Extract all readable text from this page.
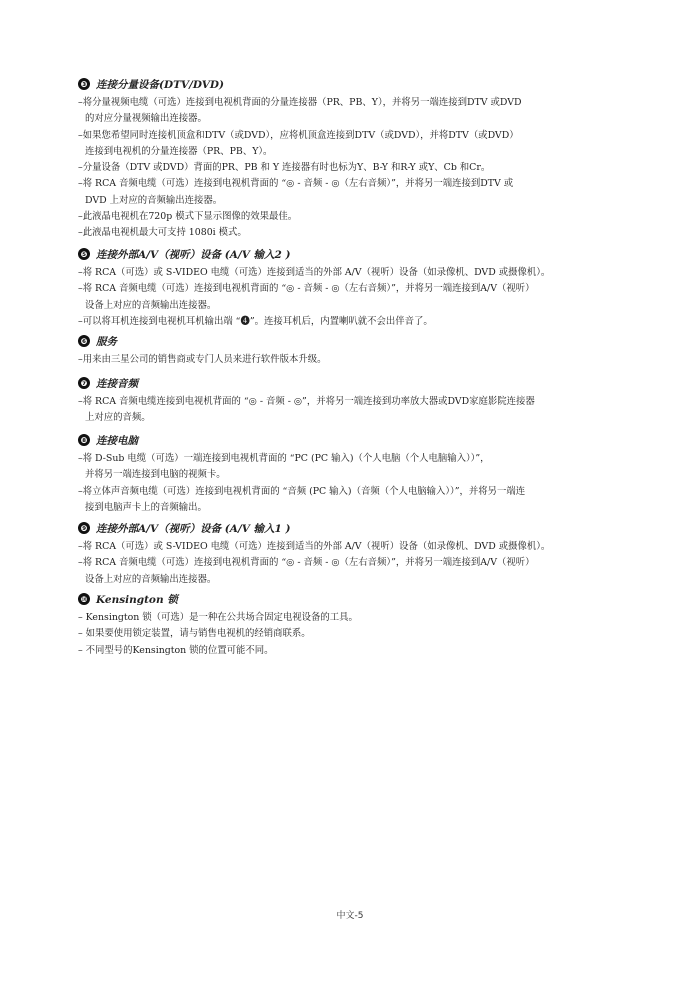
❸ 连接分量设备(DTV/DVD)
–将分量视频电缆（可选）连接到电视机背面的分量连接器（PR、PB、Y），并将另一端连接到DTV 或DVD
的对应分量视频输出连接器。
–如果您希望同时连接机顶盒和DTV（或DVD），应将机顶盒连接到DTV（或DVD），并将DTV（或DVD）
连接到电视机的分量连接器（PR、PB、Y）。
–分量设备（DTV 或DVD）背面的PR、PB 和 Y 连接器有时也标为Y、B-Y 和R-Y 或Y、Cb 和Cr。
–将 RCA 音频电缆（可选）连接到电视机背面的 “◎ - 音频 - ◎（左右音频）”，并将另一端连接到DTV 或
DVD 上对应的音频输出连接器。
–此液晶电视机在720p 模式下显示图像的效果最佳。
–此液晶电视机最大可支持 1080i 模式。
❺ 连接外部A/V（视听）设备 (A/V 输入2 )
–将 RCA（可选）或 S-VIDEO 电缆（可选）连接到适当的外部 A/V（视听）设备（如录像机、DVD 或摄像机）。
–将 RCA 音频电缆（可选）连接到电视机背面的 “◎ - 音频 - ◎（左右音频）”，并将另一端连接到A/V（视听）
设备上对应的音频输出连接器。
–可以将耳机连接到电视机耳机输出端 “❹”。连接耳机后，内置喇叭就不会出伴音了。
❻ 服务
–用来由三星公司的销售商或专门人员来进行软件版本升级。
❼ 连接音频
–将 RCA 音频电缆连接到电视机背面的 “◎ - 音频 - ◎”，并将另一端连接到功率放大器或DVD家庭影院连接器
上对应的音频。
❽ 连接电脑
–将 D-Sub 电缆（可选）一端连接到电视机背面的 “PC (PC 输入)（个人电脑（个人电脑输入））”，
并将另一端连接到电脑的视频卡。
–将立体声音频电缆（可选）连接到电视机背面的 “音频 (PC 输入)（音频（个人电脑输入））”，并将另一端连
接到电脑声卡上的音频输出。
❾ 连接外部A/V（视听）设备 (A/V 输入1 )
–将 RCA（可选）或 S-VIDEO 电缆（可选）连接到适当的外部 A/V（视听）设备（如录像机、DVD 或摄像机）。
–将 RCA 音频电缆（可选）连接到电视机背面的 “◎ - 音频 - ◎（左右音频）”，并将另一端连接到A/V（视听）
设备上对应的音频输出连接器。
❿ Kensington 锁
– Kensington 锁（可选）是一种在公共场合固定电视设备的工具。
– 如果要使用锁定装置，请与销售电视机的经销商联系。
– 不同型号的Kensington 锁的位置可能不同。
中文-5
